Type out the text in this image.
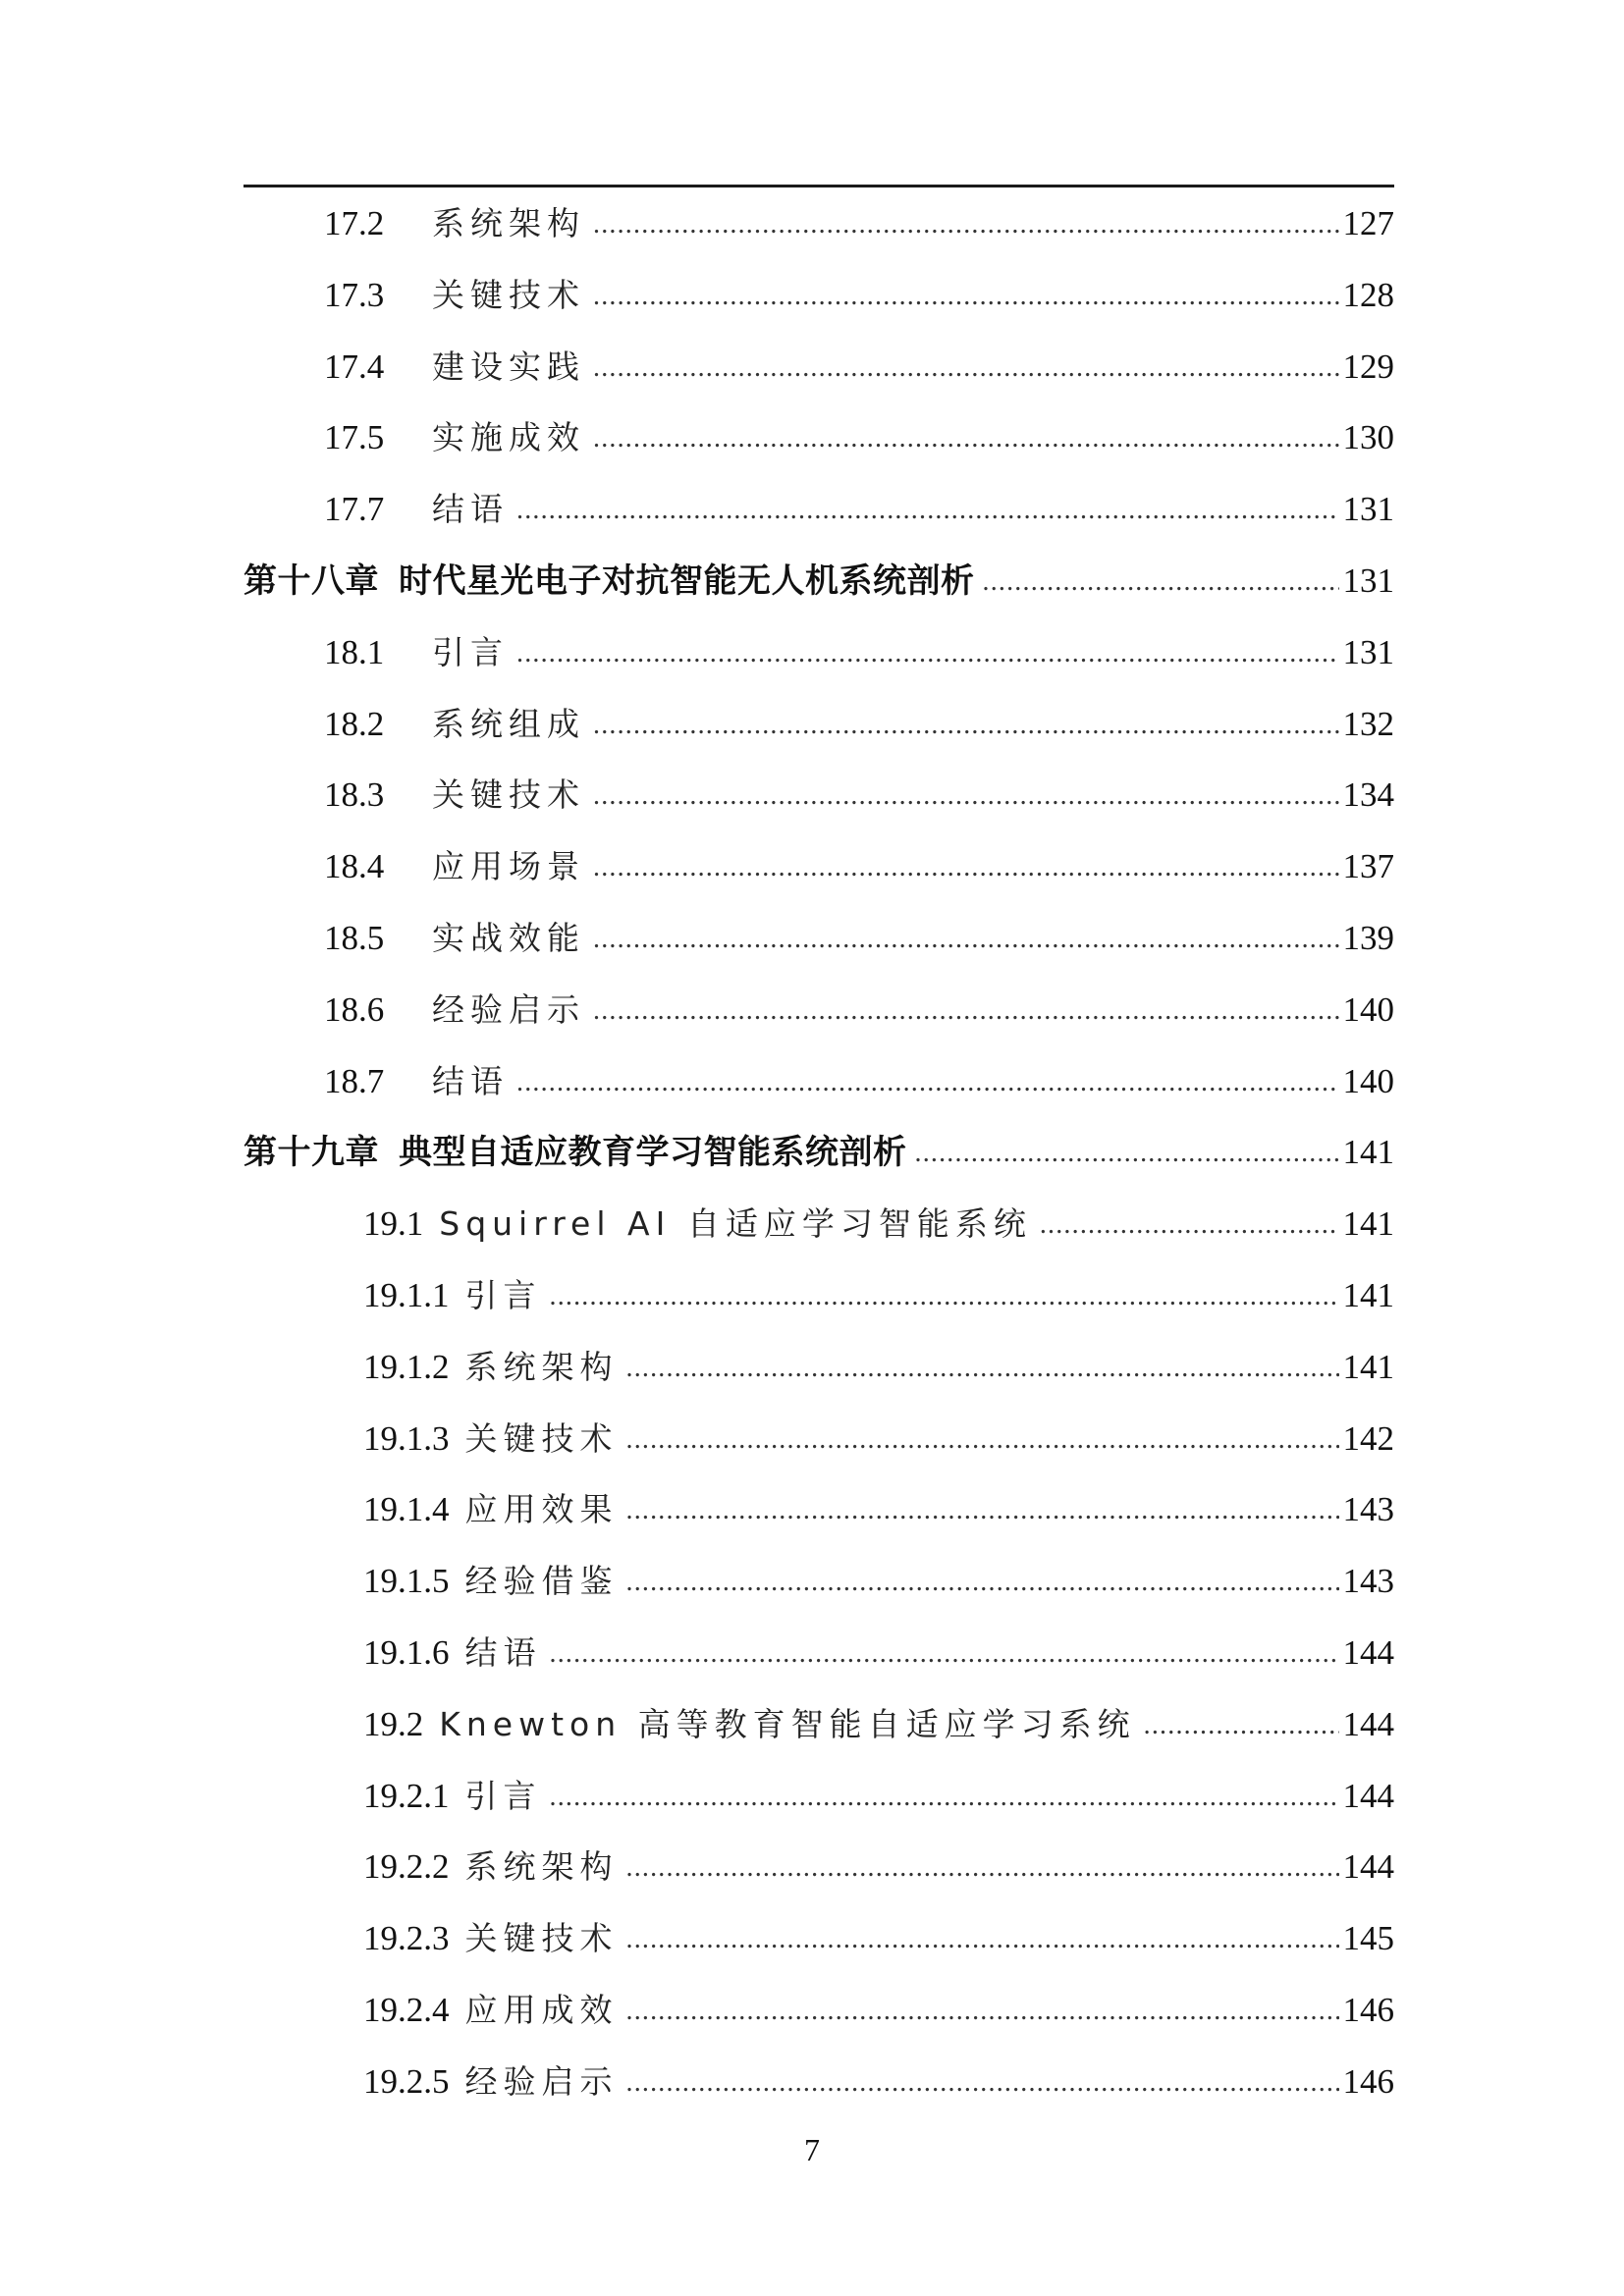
17.2	系统架构 .....	127
17.3	关键技术 .....	128
17.4	建设实践 .....	129
17.5	实施成效 .....	130
17.7	结语 .....	131
第十八章 时代星光电子对抗智能无人机系统剖析 .....	131
18.1	引言 .....	131
18.2	系统组成 .....	132
18.3	关键技术 .....	134
18.4	应用场景 .....	137
18.5	实战效能 .....	139
18.6	经验启示 .....	140
18.7	结语 .....	140
第十九章 典型自适应教育学习智能系统剖析 .....	141
19.1 Squirrel AI 自适应学习智能系统 .....	141
19.1.1 引言 .....	141
19.1.2 系统架构 .....	141
19.1.3 关键技术 .....	142
19.1.4 应用效果 .....	143
19.1.5 经验借鉴 .....	143
19.1.6 结语 .....	144
19.2 Knewton 高等教育智能自适应学习系统 .....	144
19.2.1 引言 .....	144
19.2.2 系统架构 .....	144
19.2.3 关键技术 .....	145
19.2.4 应用成效 .....	146
19.2.5 经验启示 .....	146
7
